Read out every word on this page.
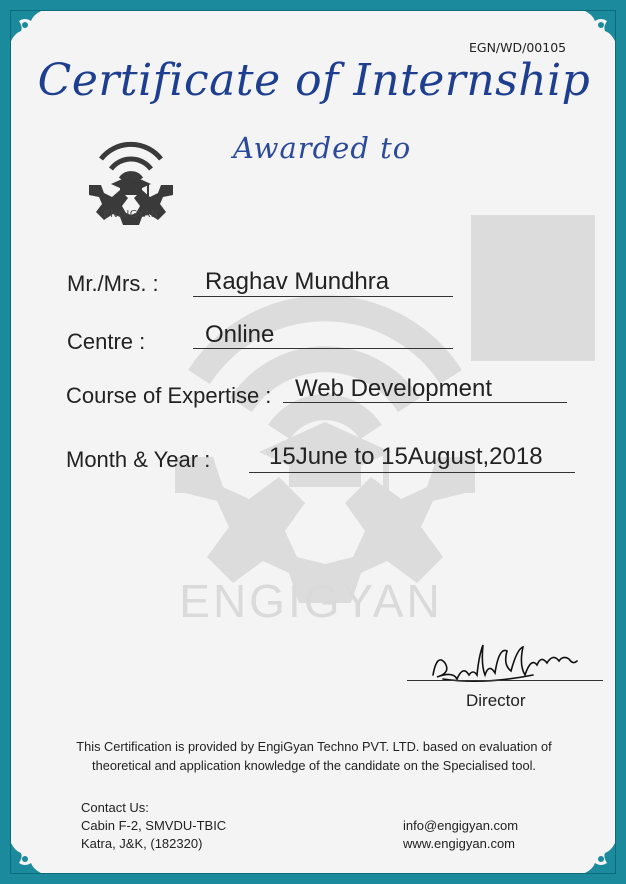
ENGIGYAN
EGN/WD/00105
Certificate of Internship
Awarded to
ENGIGYAN
Mr./Mrs. : Raghav Mundhra
Centre : Online
Course of Expertise : Web Development
Month & Year : 15June to 15August,2018
Director
This Certification is provided by EngiGyan Techno PVT. LTD. based on evaluation of
theoretical and application knowledge of the candidate on the Specialised tool.
Contact Us:
Cabin F-2, SMVDU-TBIC
Katra, J&K, (182320)
info@engigyan.com
www.engigyan.com
